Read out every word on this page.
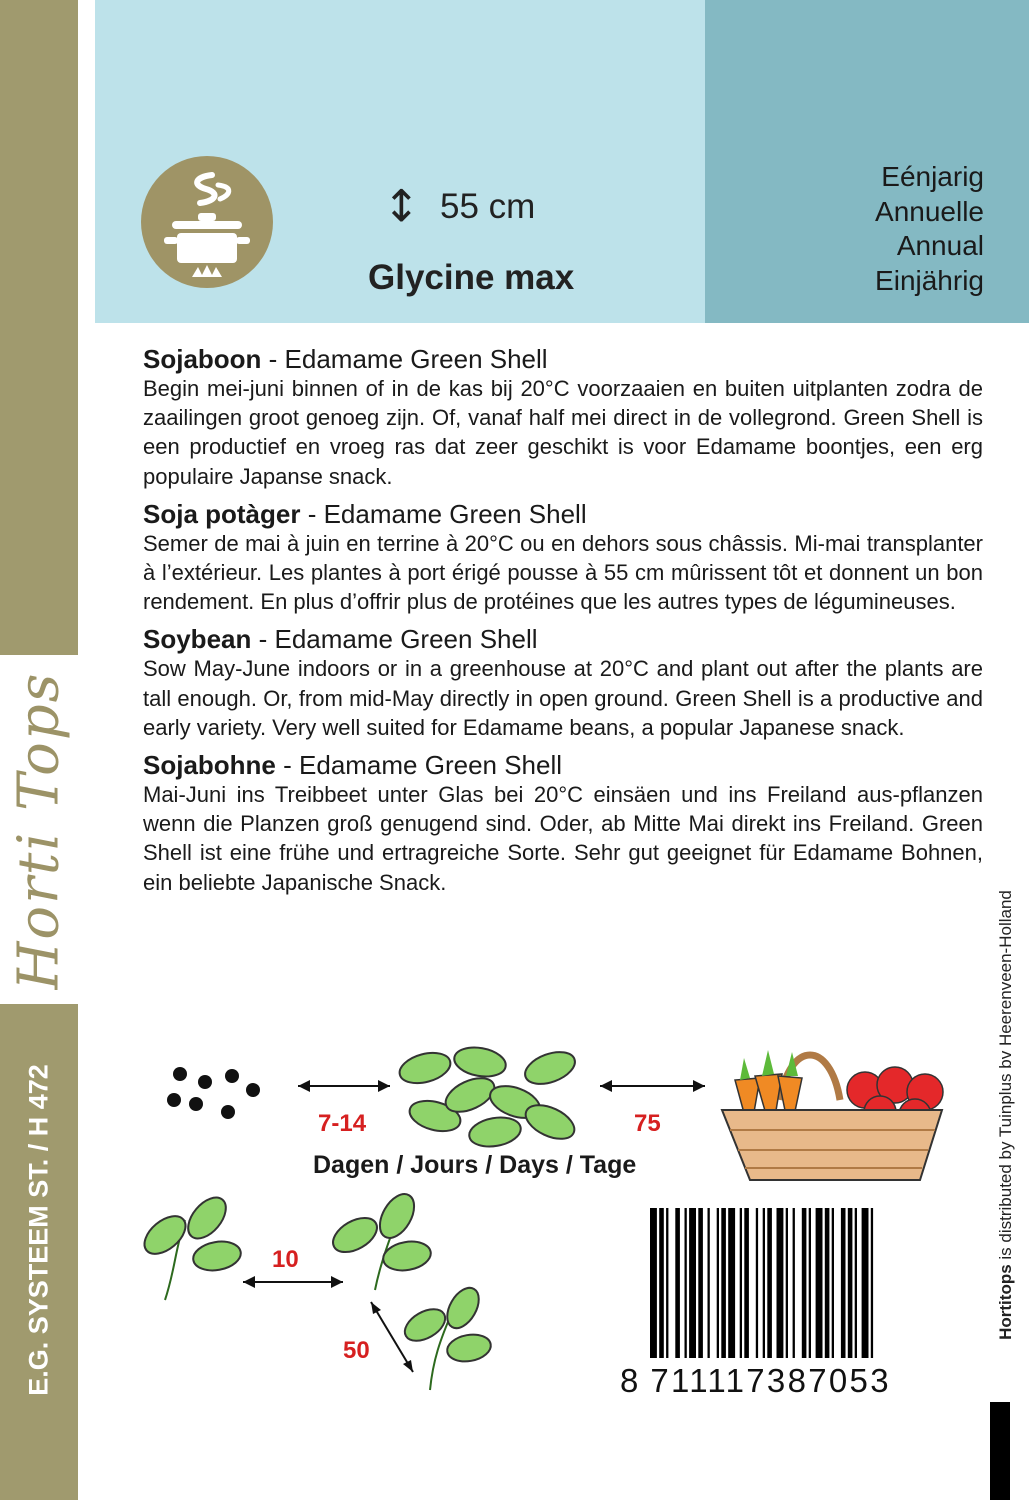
Horti Tops
E.G. SYSTEEM ST. / H 472
↕ 55 cm
Glycine max
Eénjarig
Annuelle
Annual
Einjährig
Sojaboon - Edamame Green Shell
Begin mei-juni binnen of in de kas bij 20°C voorzaaien en buiten uitplanten zodra de zaailingen groot genoeg zijn. Of, vanaf half mei direct in de vollegrond. Green Shell is een productief en vroeg ras dat zeer geschikt is voor Edamame boontjes, een erg populaire Japanse snack.
Soja potàger - Edamame Green Shell
Semer de mai à juin en terrine à 20°C ou en dehors sous châssis. Mi-mai transplanter à l’extérieur. Les plantes à port érigé pousse à 55 cm mûrissent tôt et donnent un bon rendement. En plus d’offrir plus de protéines que les autres types de légumineuses.
Soybean - Edamame Green Shell
Sow May-June indoors or in a greenhouse at 20°C and plant out after the plants are tall enough. Or, from mid-May directly in open ground. Green Shell is a productive and early variety. Very well suited for Edamame beans, a popular Japanese snack.
Sojabohne - Edamame Green Shell
Mai-Juni ins Treibbeet unter Glas bei 20°C einsäen und ins Freiland aus-pflanzen wenn die Planzen groß genugend sind. Oder, ab Mitte Mai direkt ins Freiland. Green Shell ist eine frühe und ertragreiche Sorte. Sehr gut geeignet für Edamame Bohnen, ein beliebte Japanische Snack.
7-14	75
Dagen / Jours / Days / Tage
10
50
8 711117387053
Hortitops is distributed by Tuinplus bv Heerenveen-Holland
